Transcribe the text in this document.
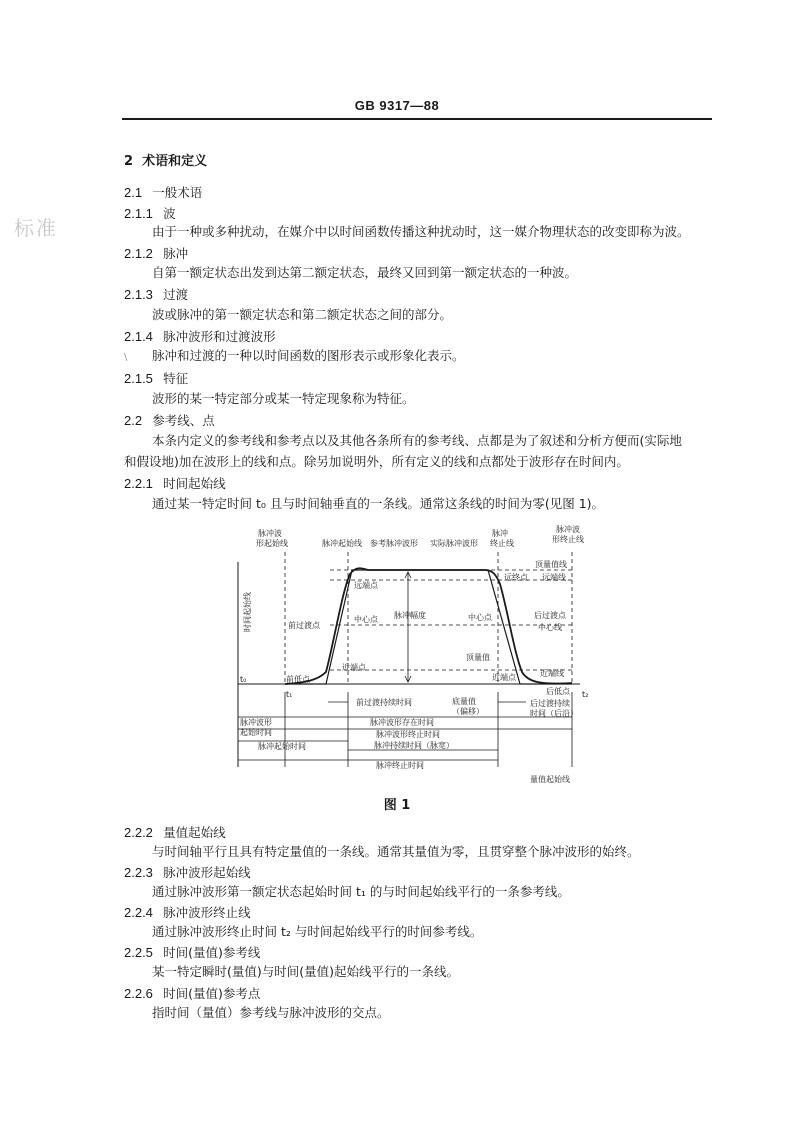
GB 9317—88
标准
\
2 术语和定义
2.1 一般术语
2.1.1 波
由于一种或多种扰动，在媒介中以时间函数传播这种扰动时，这一媒介物理状态的改变即称为波。
2.1.2 脉冲
自第一额定状态出发到达第二额定状态，最终又回到第一额定状态的一种波。
2.1.3 过渡
波或脉冲的第一额定状态和第二额定状态之间的部分。
2.1.4 脉冲波形和过渡波形
脉冲和过渡的一种以时间函数的图形表示或形象化表示。
2.1.5 特征
波形的某一特定部分或某一特定现象称为特征。
2.2 参考线、点
本条内定义的参考线和参考点以及其他各条所有的参考线、点都是为了叙述和分析方便而(实际地
和假设地)加在波形上的线和点。除另加说明外，所有定义的线和点都处于波形存在时间内。
2.2.1 时间起始线
通过某一特定时间 t₀ 且与时间轴垂直的一条线。通常这条线的时间为零(见图 1)。
脉冲波
形起始线	脉冲起始线 参考脉冲波形 实际脉冲波形
脉冲
终止线
脉冲波
形终止线
顶量值线
远端线
远端点
远终点
时间起始线	前过渡点
中心点 脉冲幅度	中心点	后过渡点
中心线
顶量值
近端点
近端点	近端线
t₀
t₁	t₂
前低点
后低点
前过渡持续时间	底量值
（偏移）
后过渡持续
时间（后沿）
脉冲波形
起始时间
脉冲波形存在时间
脉冲波形终止时间
脉冲起始时间	脉冲持续时间（脉宽）
脉冲终止时间
量值起始线
图 1
2.2.2 量值起始线
与时间轴平行且具有特定量值的一条线。通常其量值为零，且贯穿整个脉冲波形的始终。
2.2.3 脉冲波形起始线
通过脉冲波形第一额定状态起始时间 t₁ 的与时间起始线平行的一条参考线。
2.2.4 脉冲波形终止线
通过脉冲波形终止时间 t₂ 与时间起始线平行的时间参考线。
2.2.5 时间(量值)参考线
某一特定瞬时(量值)与时间(量值)起始线平行的一条线。
2.2.6 时间(量值)参考点
指时间（量值）参考线与脉冲波形的交点。
